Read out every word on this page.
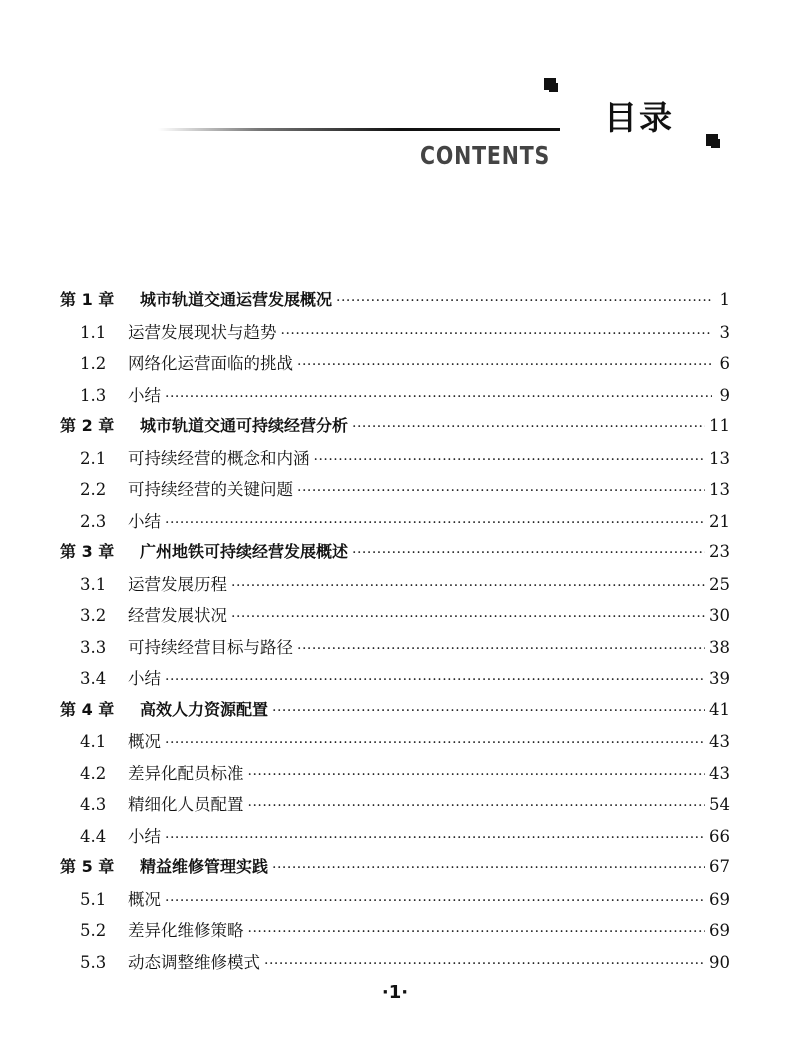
目录
CONTENTS
第 1 章	城市轨道交通运营发展概况 ·····	1
1.1	运营发展现状与趋势 ·····	3
1.2	网络化运营面临的挑战 ·····	6
1.3	小结 ·····	9
第 2 章	城市轨道交通可持续经营分析 ·····	11
2.1	可持续经营的概念和内涵 ·····	13
2.2	可持续经营的关键问题 ·····	13
2.3	小结 ·····	21
第 3 章	广州地铁可持续经营发展概述 ·····	23
3.1	运营发展历程 ·····	25
3.2	经营发展状况 ·····	30
3.3	可持续经营目标与路径 ·····	38
3.4	小结 ·····	39
第 4 章	高效人力资源配置 ·····	41
4.1	概况 ·····	43
4.2	差异化配员标准 ·····	43
4.3	精细化人员配置 ·····	54
4.4	小结 ·····	66
第 5 章	精益维修管理实践 ·····	67
5.1	概况 ·····	69
5.2	差异化维修策略 ·····	69
5.3	动态调整维修模式 ·····	90
·1·
